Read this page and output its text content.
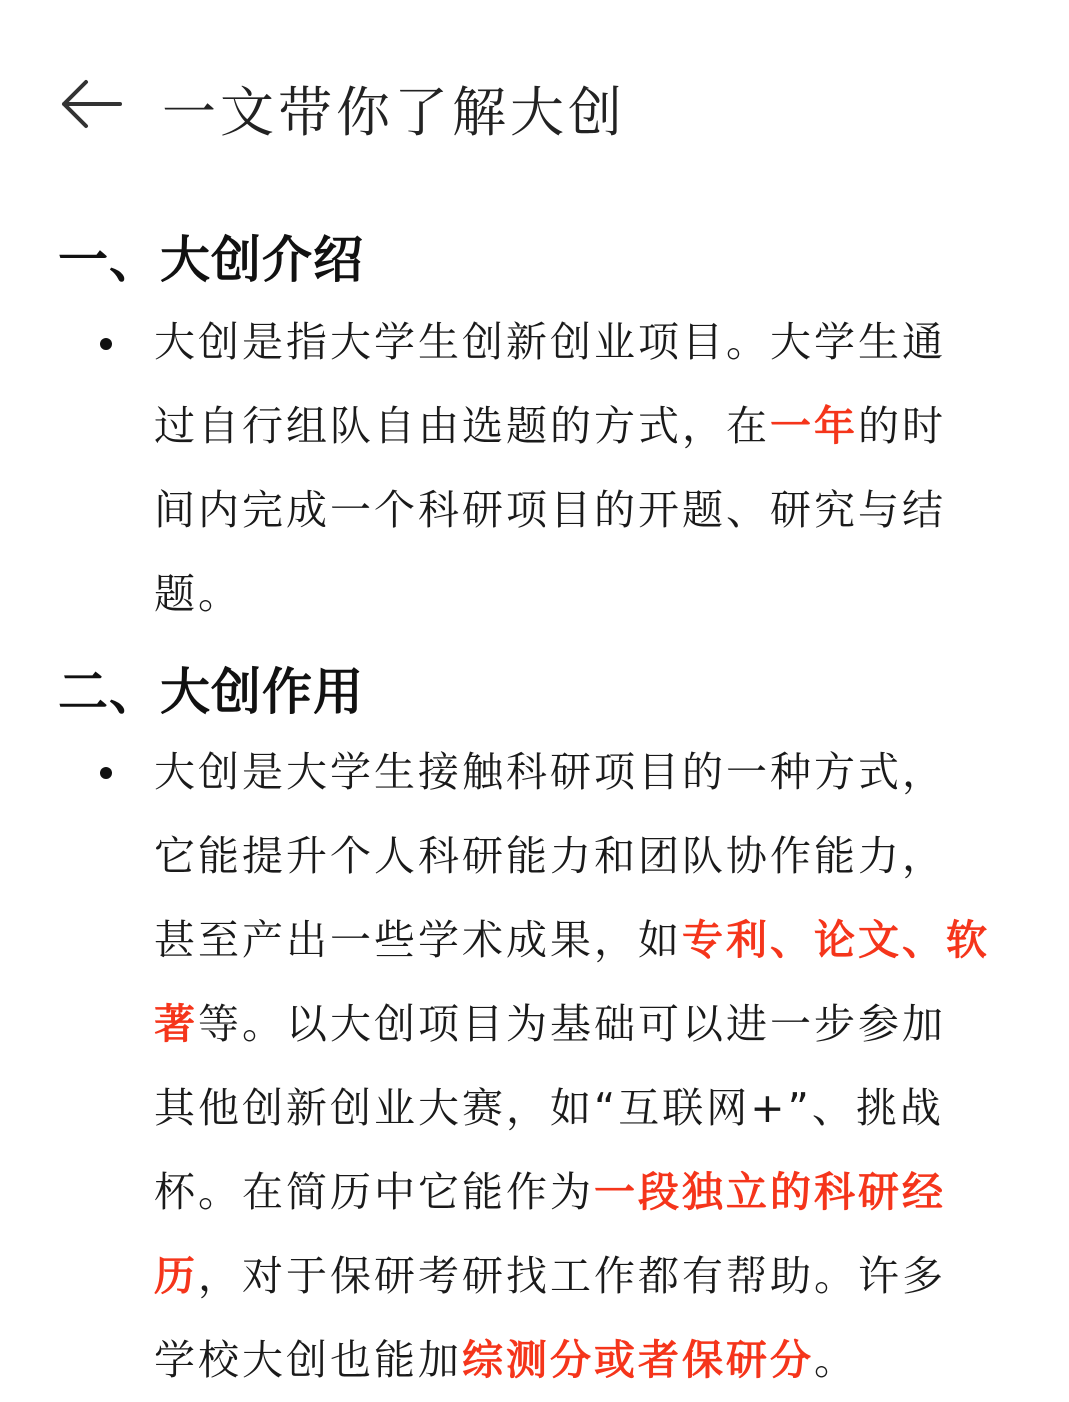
一文带你了解大创
一、大创介绍
大创是指大学生创新创业项目。大学生通
过自行组队自由选题的方式，在一年的时
间内完成一个科研项目的开题、研究与结
题。
二、大创作用
大创是大学生接触科研项目的一种方式，
它能提升个人科研能力和团队协作能力，
甚至产出一些学术成果，如专利、论文、软
著等。以大创项目为基础可以进一步参加
其他创新创业大赛，如“互联网+”、挑战
杯。在简历中它能作为一段独立的科研经
历，对于保研考研找工作都有帮助。许多
学校大创也能加综测分或者保研分。
